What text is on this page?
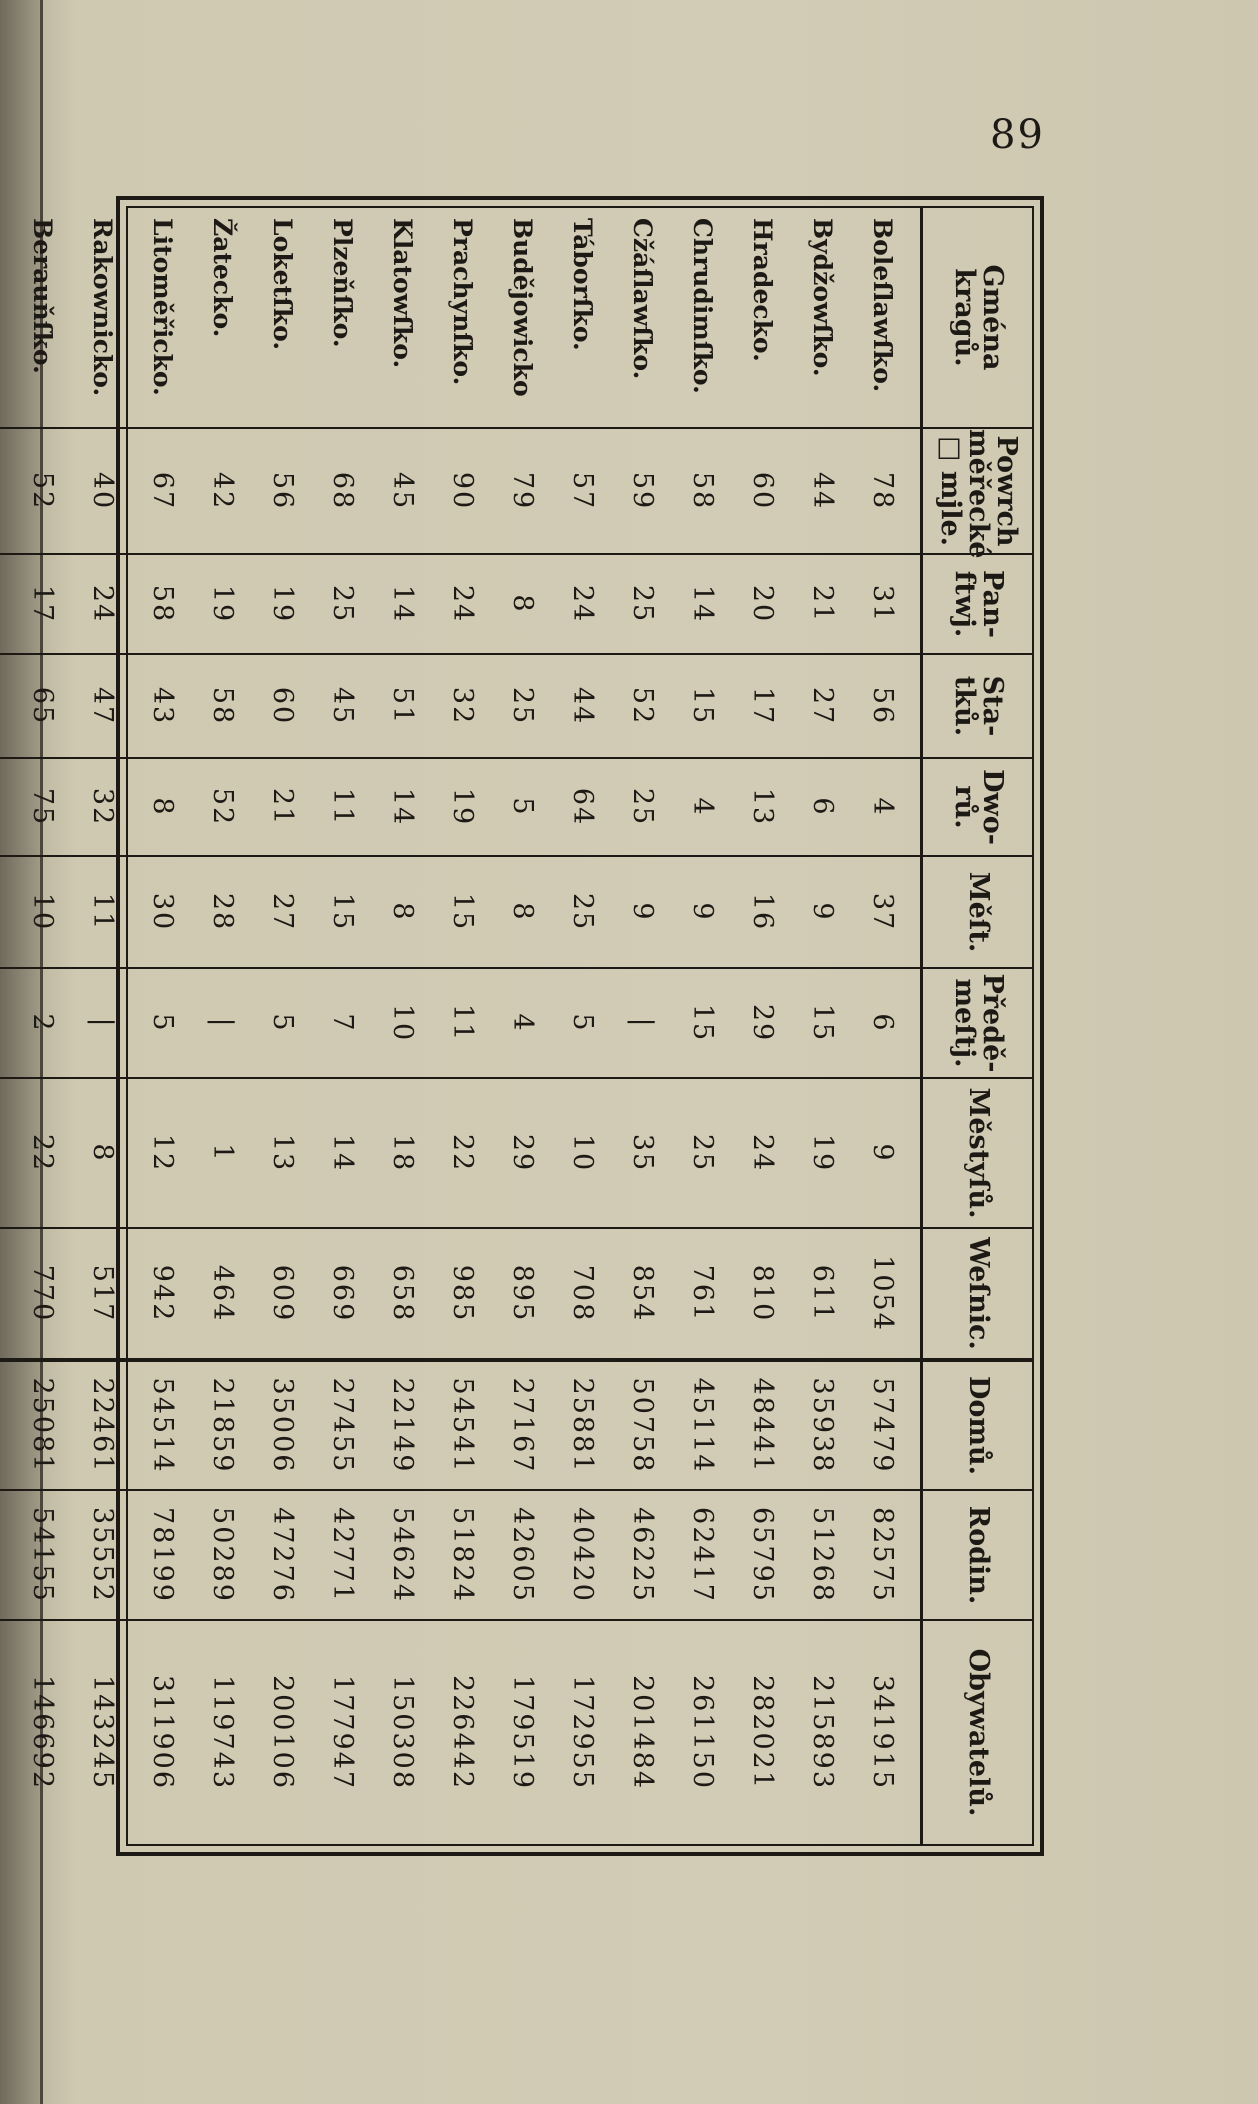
89
Gména
kragů.	Powrch
měřecké
□ mjle.	Pan-
ftwj.	Sta-
tků.	Dwo-
rů.	Měſt.	Předě-
meſtj.	Městyſů.	Weſnic.	Domů.	Rodin.	Obywatelů.

Boleſlawſko.	78	31	56	4	37	6	9	1054	57479	82575	341915
Bydžowſko.	44	21	27	6	9	15	19	611	35938	51268	215893
Hradecko.	60	20	17	13	16	29	24	810	48441	65795	282021
Chrudimſko.	58	14	15	4	9	15	25	761	45114	62417	261150
Cžáſlawſko.	59	25	52	25	9	|	35	854	50758	46225	201484
Táborſko.	57	24	44	64	25	5	10	708	25881	40420	172955
Budějowicko	79	8	25	5	8	4	29	895	27167	42605	179519
Prachynſko.	90	24	32	19	15	11	22	985	54541	51824	226442
Klatowſko.	45	14	51	14	8	10	18	658	22149	54624	150308
Plzeňſko.	68	25	45	11	15	7	14	669	27455	42771	177947
Loketſko.	56	19	60	21	27	5	13	609	35006	47276	200106
Žatecko.	42	19	58	52	28	|	1	464	21859	50289	119743
Litoměřicko.	67	58	43	8	30	5	12	942	54514	78199	311906
Rakownicko.	40	24	47	32	11	|	8	517	22461	35552	143245
Berauňſko.	52	17	65	75	10	2	22	770	25081	54155	146692
